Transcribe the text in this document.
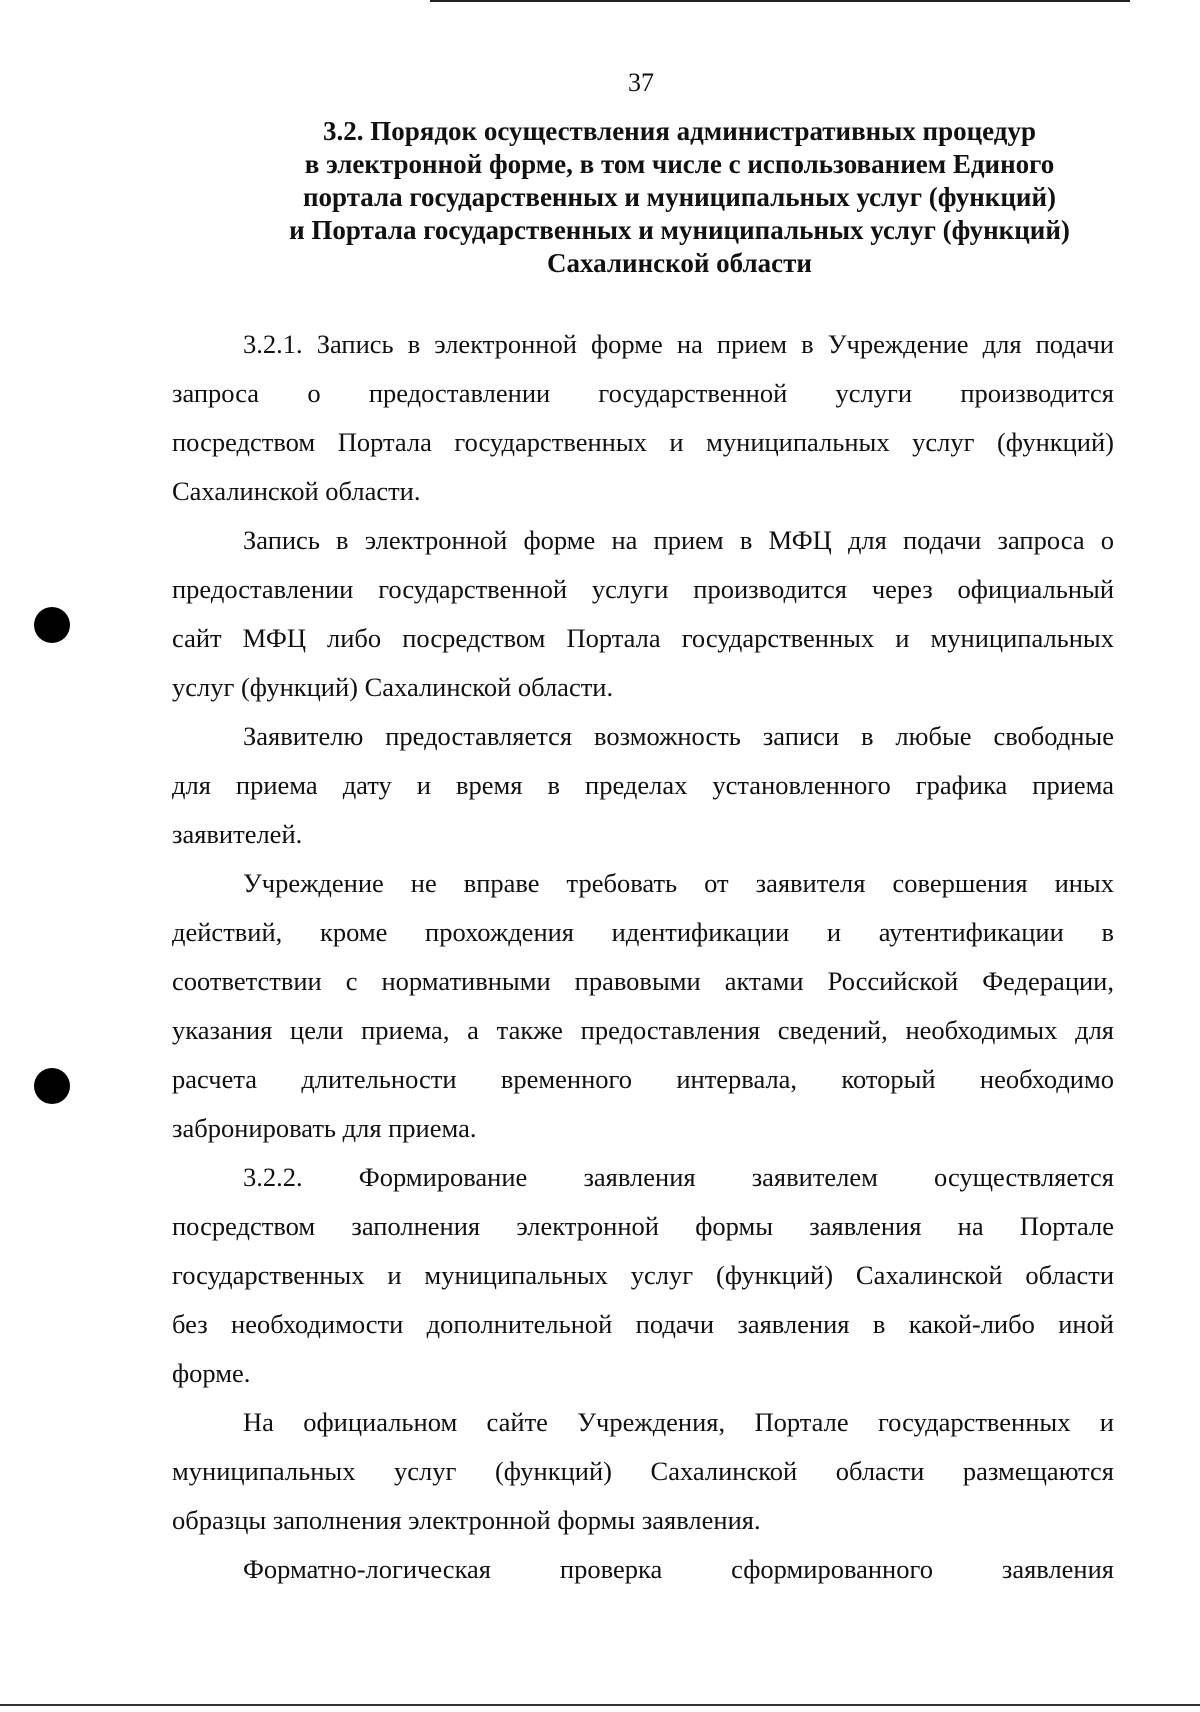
37
3.2. Порядок осуществления административных процедур
в электронной форме, в том числе с использованием Единого
портала государственных и муниципальных услуг (функций)
и Портала государственных и муниципальных услуг (функций)
Сахалинской области
3.2.1. Запись в электронной форме на прием в Учреждение для подачи
запроса о предоставлении государственной услуги производится
посредством Портала государственных и муниципальных услуг (функций)
Сахалинской области.
Запись в электронной форме на прием в МФЦ для подачи запроса о
предоставлении государственной услуги производится через официальный
сайт МФЦ либо посредством Портала государственных и муниципальных
услуг (функций) Сахалинской области.
Заявителю предоставляется возможность записи в любые свободные
для приема дату и время в пределах установленного графика приема
заявителей.
Учреждение не вправе требовать от заявителя совершения иных
действий, кроме прохождения идентификации и аутентификации в
соответствии с нормативными правовыми актами Российской Федерации,
указания цели приема, а также предоставления сведений, необходимых для
расчета длительности временного интервала, который необходимо
забронировать для приема.
3.2.2. Формирование заявления заявителем осуществляется
посредством заполнения электронной формы заявления на Портале
государственных и муниципальных услуг (функций) Сахалинской области
без необходимости дополнительной подачи заявления в какой-либо иной
форме.
На официальном сайте Учреждения, Портале государственных и
муниципальных услуг (функций) Сахалинской области размещаются
образцы заполнения электронной формы заявления.
Форматно-логическая проверка сформированного заявления
